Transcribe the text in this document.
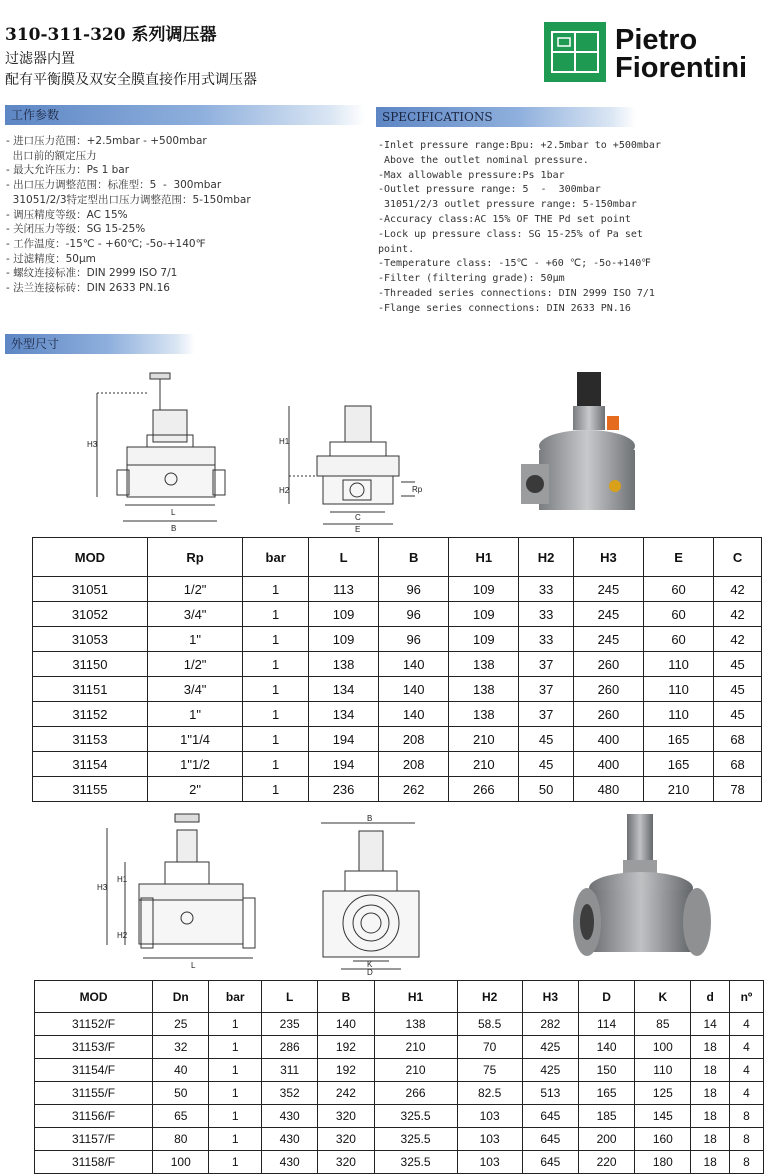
310-311-320 系列调压器
过滤器内置
配有平衡膜及双安全膜直接作用式调压器
Pietro
Fiorentini
工作参数	SPECIFICATIONS
- 进口压力范围：+2.5mbar - +500mbar
出口前的额定压力
- 最大允许压力：Ps 1 bar
- 出口压力调整范围：标准型：5  -  300mbar
31051/2/3特定型出口压力调整范围：5-150mbar
- 调压精度等级：AC 15%
- 关闭压力等级：SG 15-25%
- 工作温度：-15℃ - +60℃; -5o-+140℉
- 过滤精度：50μm
- 螺纹连接标准：DIN 2999 ISO 7/1
- 法兰连接标砖：DIN 2633 PN.16
-Inlet pressure range:Bpu: +2.5mbar to +500mbar
Above the outlet nominal pressure.
-Max allowable pressure:Ps 1bar
-Outlet pressure range: 5  -  300mbar
31051/2/3 outlet pressure range: 5-150mbar
-Accuracy class:AC 15% OF THE Pd set point
-Lock up pressure class: SG 15-25% of Pa set
point.
-Temperature class: -15℃ - +60 ℃; -5o-+140℉
-Filter (filtering grade): 50μm
-Threaded series connections: DIN 2999 ISO 7/1
-Flange series connections: DIN 2633 PN.16
外型尺寸
H3
L
B
H1
H2	Rp
C
E
MOD	Rp	bar	L	B	H1	H2	H3	E	C
31051	1/2"	1	113	96	109	33	245	60	42
31052	3/4"	1	109	96	109	33	245	60	42
31053	1"	1	109	96	109	33	245	60	42
31150	1/2"	1	138	140	138	37	260	110	45
31151	3/4"	1	134	140	138	37	260	110	45
31152	1"	1	134	140	138	37	260	110	45
31153	1"1/4	1	194	208	210	45	400	165	68
31154	1"1/2	1	194	208	210	45	400	165	68
31155	2"	1	236	262	266	50	480	210	78
H3
H1
H2
L
B
K
D
MOD	Dn	bar	L	B	H1	H2	H3	D	K	d	nº
31152/F	25	1	235	140	138	58.5	282	114	85	14	4
31153/F	32	1	286	192	210	70	425	140	100	18	4
31154/F	40	1	311	192	210	75	425	150	110	18	4
31155/F	50	1	352	242	266	82.5	513	165	125	18	4
31156/F	65	1	430	320	325.5	103	645	185	145	18	8
31157/F	80	1	430	320	325.5	103	645	200	160	18	8
31158/F	100	1	430	320	325.5	103	645	220	180	18	8
